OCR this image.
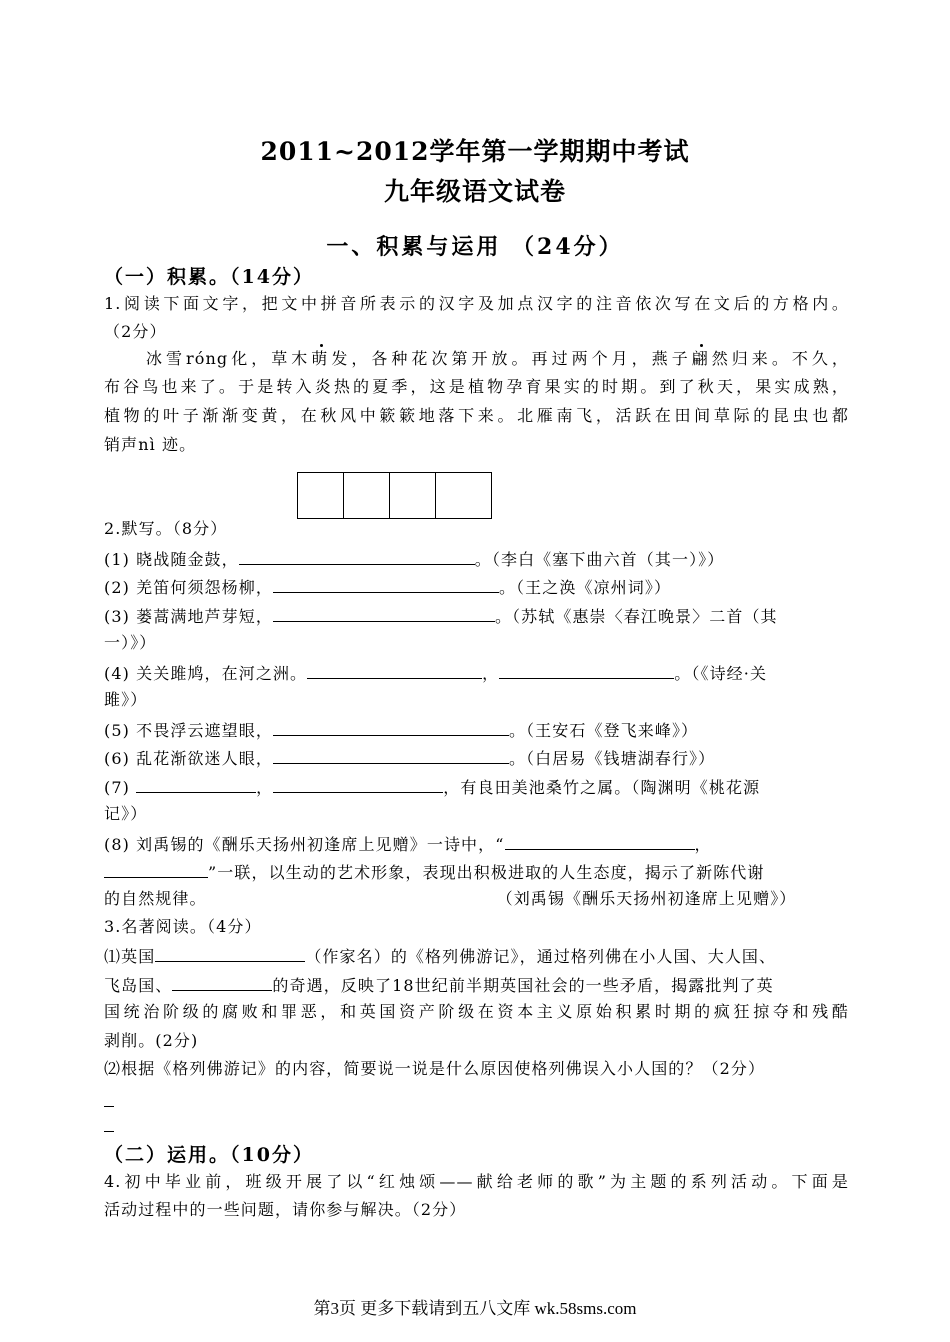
2011~2012学年第一学期期中考试
九年级语文试卷
一、积累与运用 （24分）
（一）积累。（14分）
1.阅读下面文字，把文中拼音所表示的汉字及加点汉字的注音依次写在文后的方格内。
（2分）
冰雪róng化，草木萌发，各种花次第开放。再过两个月，燕子翩然归来。不久，
布谷鸟也来了。于是转入炎热的夏季，这是植物孕育果实的时期。到了秋天，果实成熟，
植物的叶子渐渐变黄，在秋风中簌簌地落下来。北雁南飞，活跃在田间草际的昆虫也都
销声nì 迹。
2.默写。（8分）
(1) 晓战随金鼓，	。（李白《塞下曲六首（其一）》）
(2) 羌笛何须怨杨柳，	。（王之涣《凉州词》）
(3) 蒌蒿满地芦芽短，	。（苏轼《惠崇〈春江晚景〉二首（其
一）》）
(4) 关关雎鸠，在河之洲。	，	。（《诗经·关
雎》）
(5) 不畏浮云遮望眼，	。（王安石《登飞来峰》）
(6) 乱花渐欲迷人眼，	。（白居易《钱塘湖春行》）
(7)	，	，有良田美池桑竹之属。（陶渊明《桃花源
记》）
(8) 刘禹锡的《酬乐天扬州初逢席上见赠》一诗中，“	，
”一联，以生动的艺术形象，表现出积极进取的人生态度，揭示了新陈代谢
的自然规律。	（刘禹锡《酬乐天扬州初逢席上见赠》）
3.名著阅读。（4分）
⑴英国	（作家名）的《格列佛游记》，通过格列佛在小人国、大人国、
飞岛国、	的奇遇，反映了18世纪前半期英国社会的一些矛盾，揭露批判了英
国统治阶级的腐败和罪恶，和英国资产阶级在资本主义原始积累时期的疯狂掠夺和残酷
剥削。(2分)
⑵根据《格列佛游记》的内容，简要说一说是什么原因使格列佛误入小人国的？（2分）
（二）运用。（10分）
4.初中毕业前，班级开展了以“红烛颂——献给老师的歌”为主题的系列活动。下面是
活动过程中的一些问题，请你参与解决。（2分）
第3页 更多下载请到五八文库 wk.58sms.com
